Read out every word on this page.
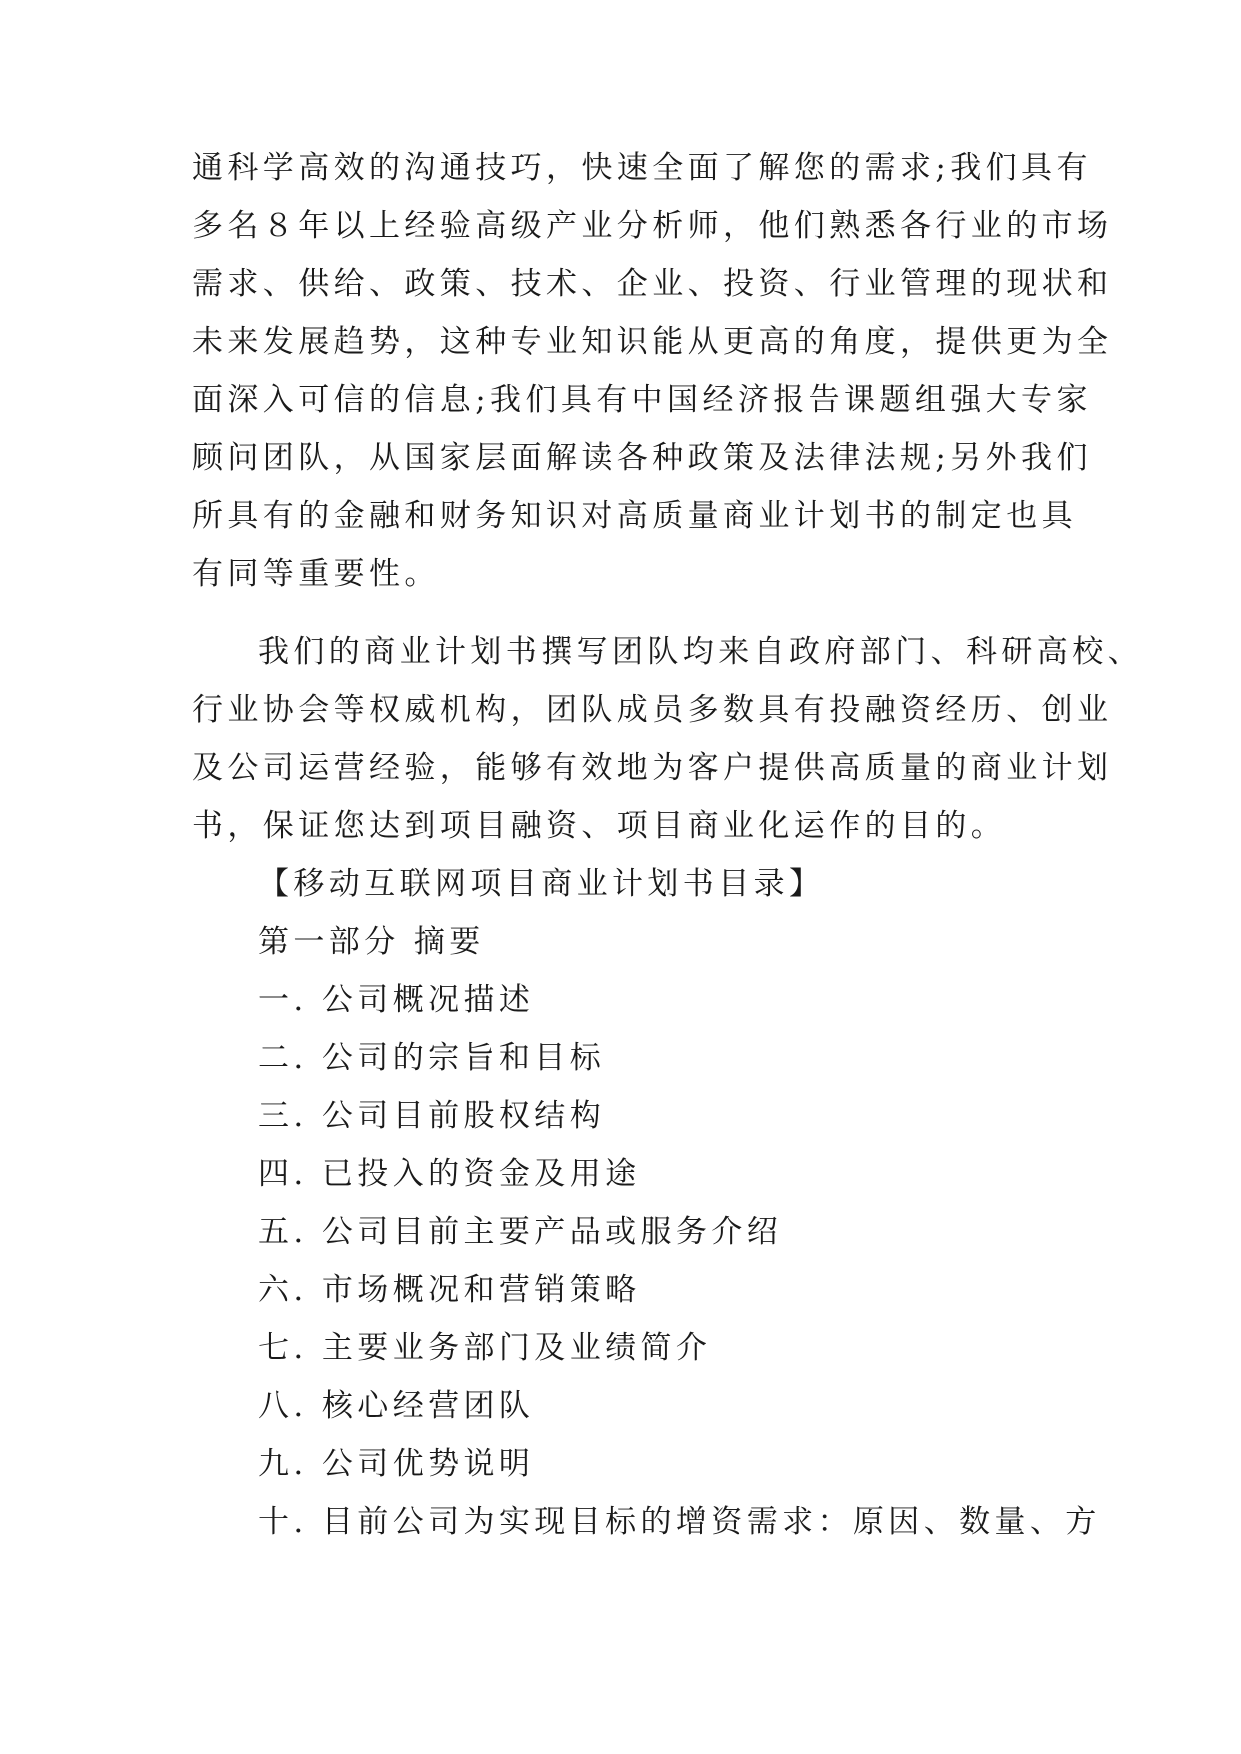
通科学高效的沟通技巧，快速全面了解您的需求;我们具有
多名８年以上经验高级产业分析师，他们熟悉各行业的市场
需求、供给、政策、技术、企业、投资、行业管理的现状和
未来发展趋势，这种专业知识能从更高的角度，提供更为全
面深入可信的信息;我们具有中国经济报告课题组强大专家
顾问团队，从国家层面解读各种政策及法律法规;另外我们
所具有的金融和财务知识对高质量商业计划书的制定也具
有同等重要性。
我们的商业计划书撰写团队均来自政府部门、科研高校、
行业协会等权威机构，团队成员多数具有投融资经历、创业
及公司运营经验，能够有效地为客户提供高质量的商业计划
书，保证您达到项目融资、项目商业化运作的目的。
【移动互联网项目商业计划书目录】
第一部分 摘要
一. 公司概况描述
二. 公司的宗旨和目标
三. 公司目前股权结构
四. 已投入的资金及用途
五. 公司目前主要产品或服务介绍
六. 市场概况和营销策略
七. 主要业务部门及业绩简介
八. 核心经营团队
九. 公司优势说明
十. 目前公司为实现目标的增资需求：原因、数量、方
